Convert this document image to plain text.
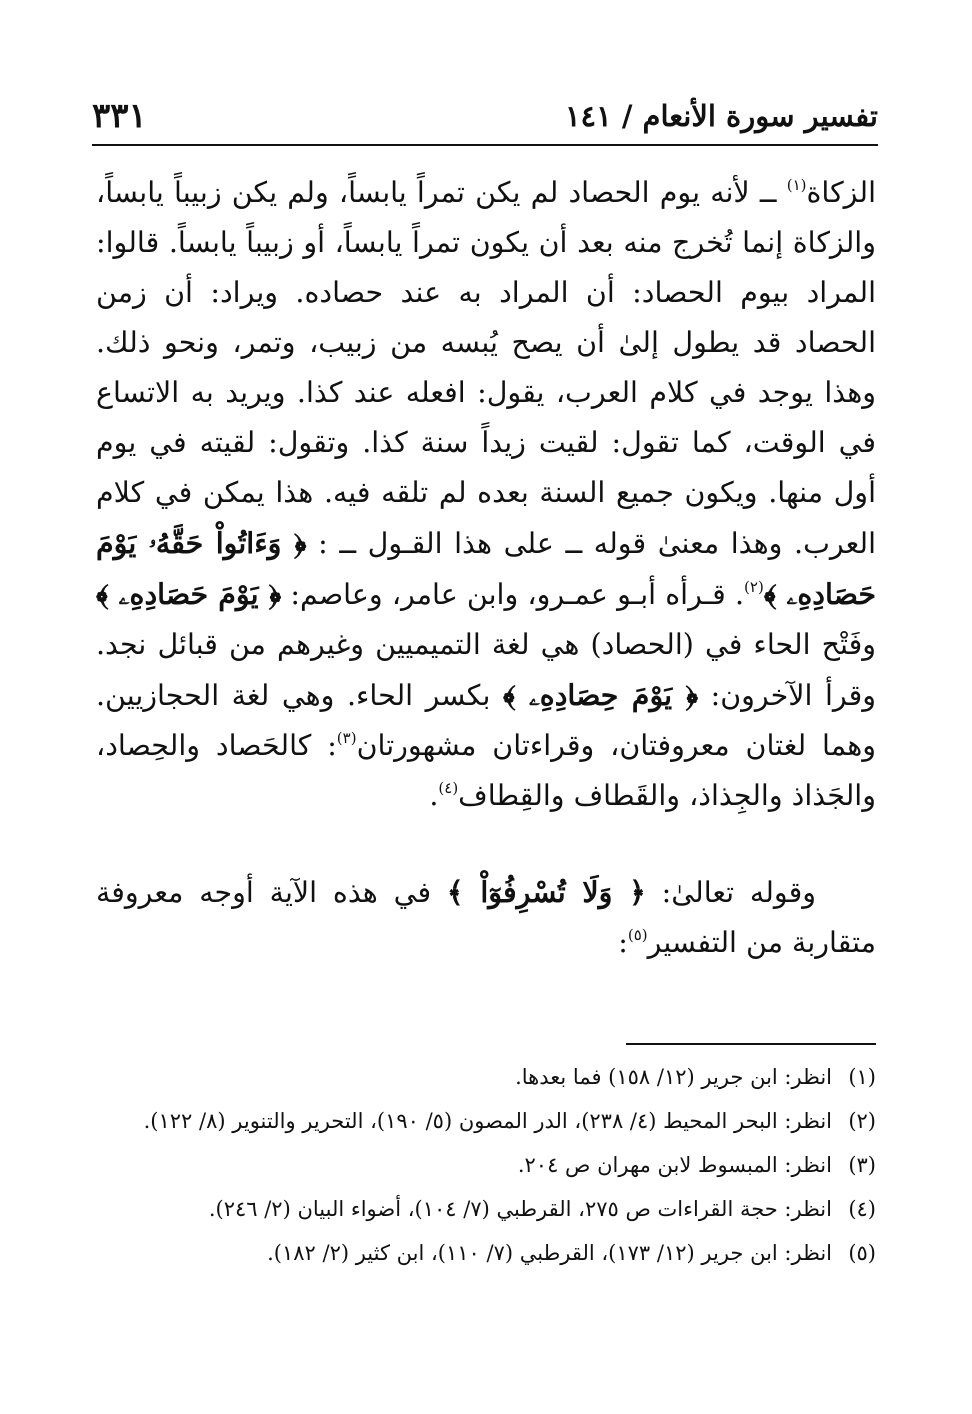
تفسير سورة الأنعام / ١٤١
٣٣١

الزكاة$^{(١)}$ ــ لأنه يوم الحصاد لم يكن تمراً يابساً، ولم يكن زبيباً يابساً، والزكاة إنما تُخرج منه بعد أن يكون تمراً يابساً، أو زبيباً يابساً. قالوا: المراد بيوم الحصاد: أن المراد به عند حصاده. ويراد: أن زمن الحصاد قد يطول إلىٰ أن يصح يُبسه من زبيب، وتمر، ونحو ذلك. وهذا يوجد في كلام العرب، يقول: افعله عند كذا. ويريد به الاتساع في الوقت، كما تقول: لقيت زيداً سنة كذا. وتقول: لقيته في يوم أول منها. ويكون جميع السنة بعده لم تلقه فيه. هذا يمكن في كلام العرب. وهذا معنىٰ قوله ــ على هذا القـول ــ : ﴿ وَءَاتُواْ حَقَّهُۥ يَوْمَ حَصَادِهِۦ ﴾$^{(٢)}$. قـرأه أبـو عمـرو، وابن عامر، وعاصم: ﴿ يَوْمَ حَصَادِهِۦ ﴾ وفَتْح الحاء في (الحصاد) هي لغة التميميين وغيرهم من قبائل نجد. وقرأ الآخرون: ﴿ يَوْمَ حِصَادِهِۦ ﴾ بكسر الحاء. وهي لغة الحجازيين. وهما لغتان معروفتان، وقراءتان مشهورتان$^{(٣)}$: كالحَصاد والحِصاد، والجَذاذ والجِذاذ، والقَطاف والقِطاف$^{(٤)}$.

وقوله تعالىٰ: ﴿ وَلَا تُسْرِفُوٓاْ ﴾ في هذه الآية أوجه معروفة متقاربة من التفسير$^{(٥)}$:

(١)
انظر: ابن جرير (١٢/ ١٥٨) فما بعدها.
(٢)
انظر: البحر المحيط (٤/ ٢٣٨)، الدر المصون (٥/ ١٩٠)، التحرير والتنوير (٨/ ١٢٢).
(٣)
انظر: المبسوط لابن مهران ص ٢٠٤.
(٤)
انظر: حجة القراءات ص ٢٧٥، القرطبي (٧/ ١٠٤)، أضواء البيان (٢/ ٢٤٦).
(٥)
انظر: ابن جرير (١٢/ ١٧٣)، القرطبي (٧/ ١١٠)، ابن كثير (٢/ ١٨٢).
